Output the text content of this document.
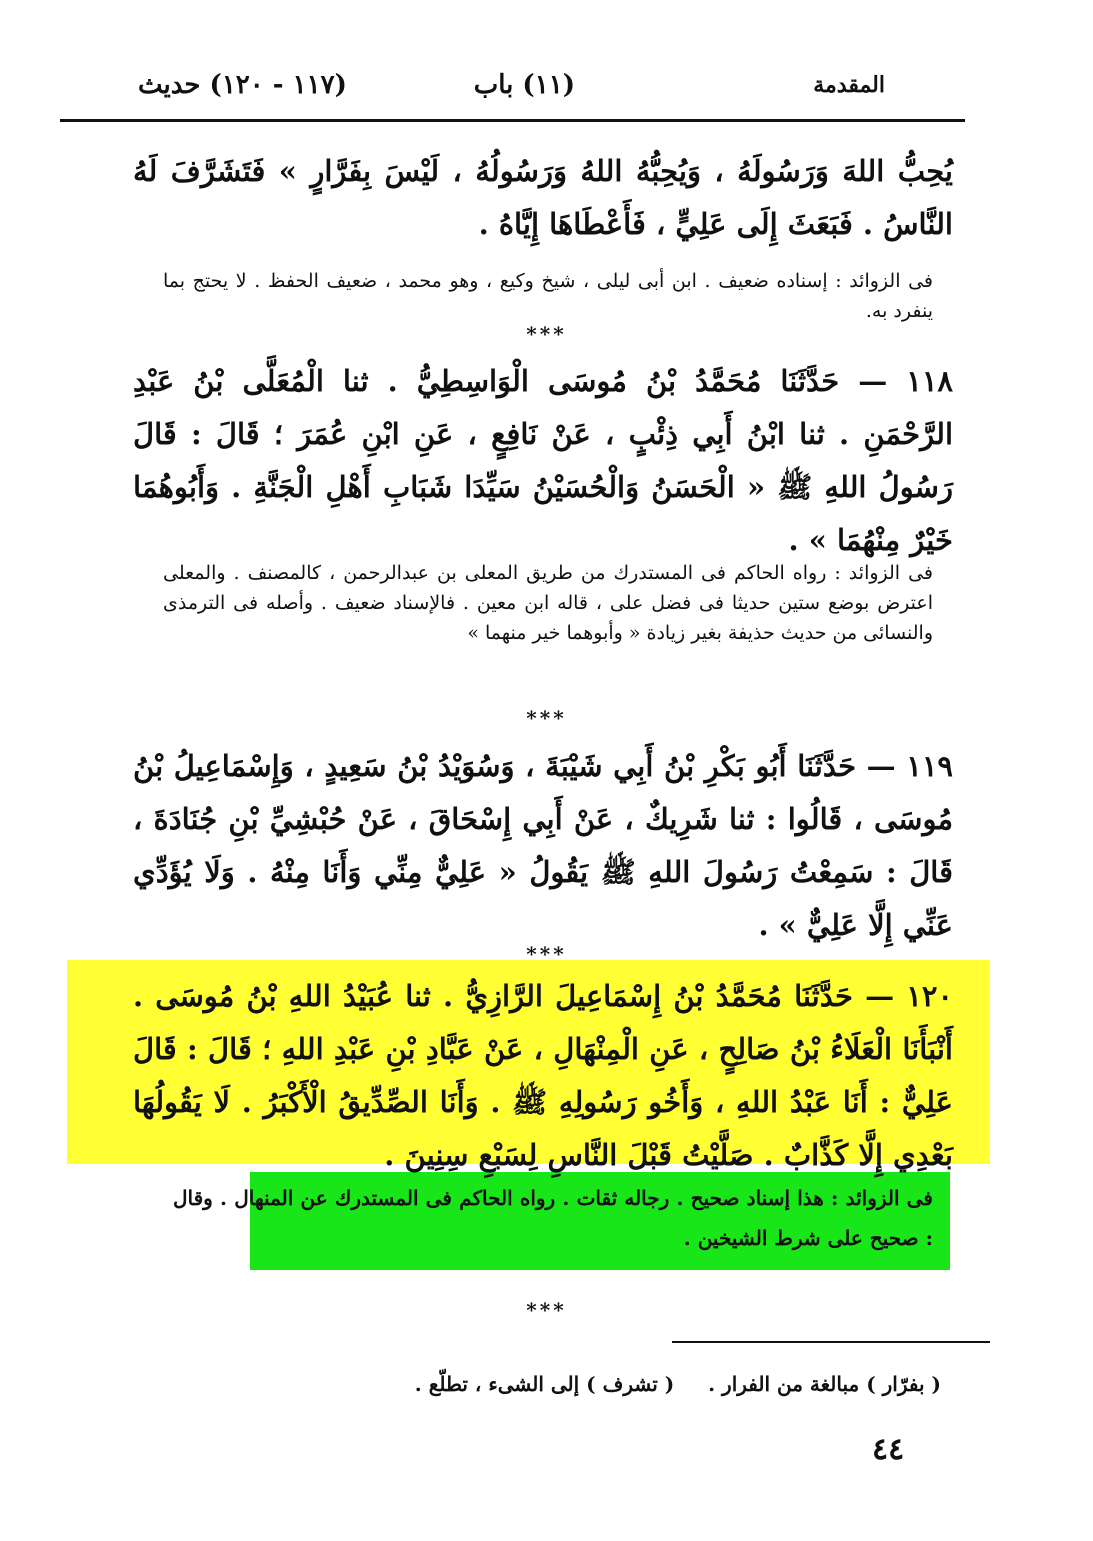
المقدمة
(١١) باب
(١١٧ - ١٢٠) حديث
يُحِبُّ اللهَ وَرَسُولَهُ ، وَيُحِبُّهُ اللهُ وَرَسُولُهُ ، لَيْسَ بِفَرَّارٍ » فَتَشَرَّفَ لَهُ النَّاسُ . فَبَعَثَ إِلَى عَلِيٍّ ، فَأَعْطَاهَا إِيَّاهُ .
فى الزوائد : إسناده ضعيف . ابن أبى ليلى ، شيخ وكيع ، وهو محمد ، ضعيف الحفظ . لا يحتج بما ينفرد به.
***
١١٨ — حَدَّثَنَا مُحَمَّدُ بْنُ مُوسَى الْوَاسِطِيُّ . ثنا الْمُعَلَّى بْنُ عَبْدِ الرَّحْمَنِ . ثنا ابْنُ أَبِي ذِئْبٍ ، عَنْ نَافِعٍ ، عَنِ ابْنِ عُمَرَ ؛ قَالَ : قَالَ رَسُولُ اللهِ ﷺ « الْحَسَنُ وَالْحُسَيْنُ سَيِّدَا شَبَابِ أَهْلِ الْجَنَّةِ . وَأَبُوهُمَا خَيْرٌ مِنْهُمَا » .
فى الزوائد : رواه الحاكم فى المستدرك من طريق المعلى بن عبدالرحمن ، كالمصنف . والمعلى اعترض بوضع ستين حديثا فى فضل على ، قاله ابن معين . فالإسناد ضعيف . وأصله فى الترمذى والنسائى من حديث حذيفة بغير زيادة « وأبوهما خير منهما »
***
١١٩ — حَدَّثَنَا أَبُو بَكْرِ بْنُ أَبِي شَيْبَةَ ، وَسُوَيْدُ بْنُ سَعِيدٍ ، وَإِسْمَاعِيلُ بْنُ مُوسَى ، قَالُوا : ثنا شَرِيكٌ ، عَنْ أَبِي إِسْحَاقَ ، عَنْ حُبْشِيِّ بْنِ جُنَادَةَ ، قَالَ : سَمِعْتُ رَسُولَ اللهِ ﷺ يَقُولُ « عَلِيٌّ مِنِّي وَأَنَا مِنْهُ . وَلَا يُؤَدِّي عَنِّي إِلَّا عَلِيٌّ » .
***
١٢٠ — حَدَّثَنَا مُحَمَّدُ بْنُ إِسْمَاعِيلَ الرَّازِيُّ . ثنا عُبَيْدُ اللهِ بْنُ مُوسَى . أَنْبَأَنَا الْعَلَاءُ بْنُ صَالِحٍ ، عَنِ الْمِنْهَالِ ، عَنْ عَبَّادِ بْنِ عَبْدِ اللهِ ؛ قَالَ : قَالَ عَلِيٌّ : أَنَا عَبْدُ اللهِ ، وَأَخُو رَسُولِهِ ﷺ . وَأَنَا الصِّدِّيقُ الْأَكْبَرُ . لَا يَقُولُهَا بَعْدِي إِلَّا كَذَّابٌ . صَلَّيْتُ قَبْلَ النَّاسِ لِسَبْعِ سِنِينَ .
فى الزوائد : هذا إسناد صحيح . رجاله ثقات . رواه الحاكم فى المستدرك عن المنهال . وقال : صحيح على شرط الشيخين .
***
( بفرّار ) مبالغة من الفرار .  ( تشرف ) إلى الشىء ، تطلّع .
٤٤
